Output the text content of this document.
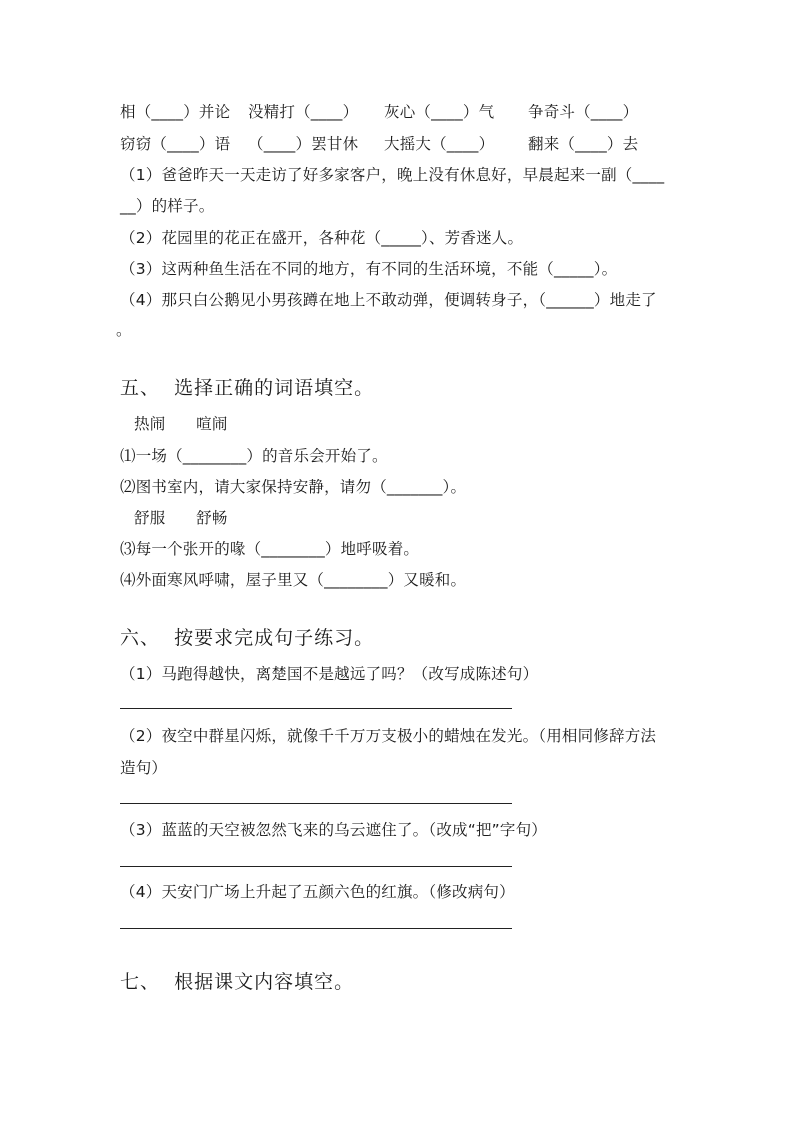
相（____）并论 没精打（____） 灰心（____）气 争奇斗（____）
窃窃（____）语 （____）罢甘休 大摇大（____） 翻来（____）去
（1）爸爸昨天一天走访了好多家客户，晚上没有休息好，早晨起来一副（____
__）的样子。
（2）花园里的花正在盛开，各种花（_____）、芳香迷人。
（3）这两种鱼生活在不同的地方，有不同的生活环境，不能（_____）。
（4）那只白公鹅见小男孩蹲在地上不敢动弹，便调转身子，（______）地走了
。
五、  选择正确的词语填空。
热闹      喧闹
⑴一场（________）的音乐会开始了。
⑵图书室内，请大家保持安静，请勿（_______）。
舒服      舒畅
⑶每一个张开的喙（________）地呼吸着。
⑷外面寒风呼啸，屋子里又（________）又暖和。
六、  按要求完成句子练习。
（1）马跑得越快，离楚国不是越远了吗？（改写成陈述句）
（2）夜空中群星闪烁，就像千千万万支极小的蜡烛在发光。（用相同修辞方法
造句）
（3）蓝蓝的天空被忽然飞来的乌云遮住了。（改成“把”字句）
（4）天安门广场上升起了五颜六色的红旗。（修改病句）
七、  根据课文内容填空。
